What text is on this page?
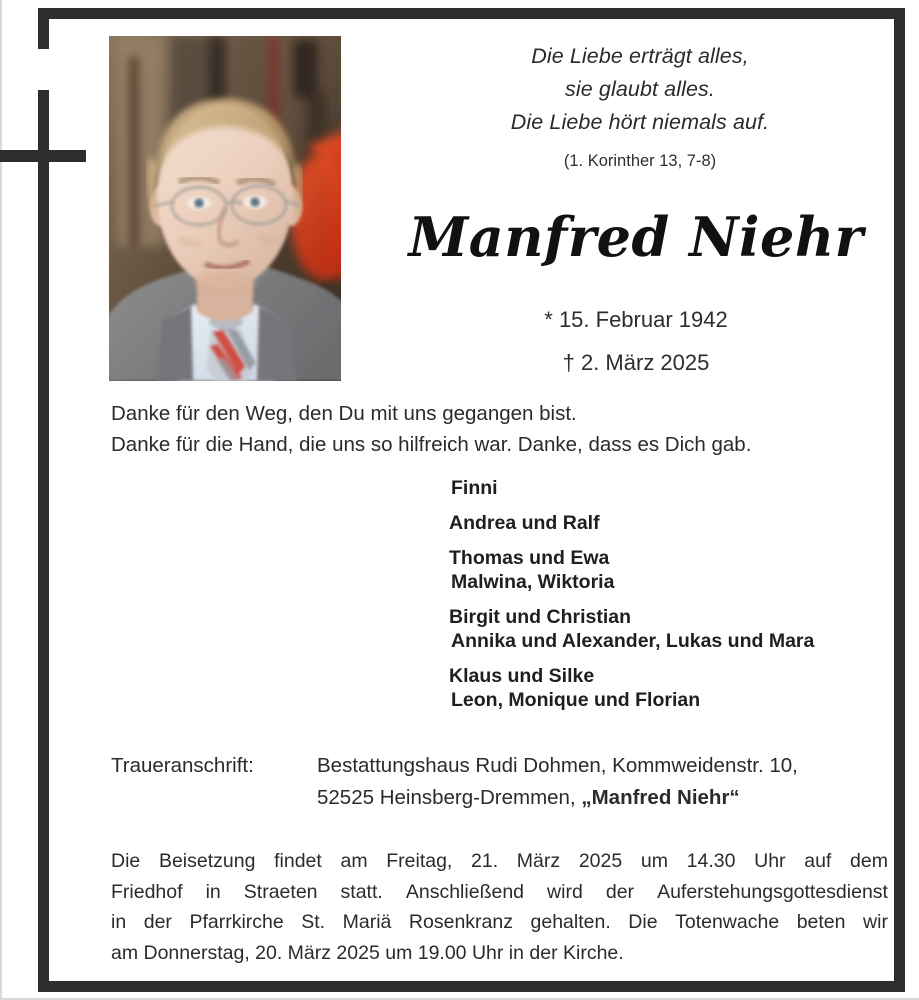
Die Liebe erträgt alles,
sie glaubt alles.
Die Liebe hört niemals auf.
(1. Korinther 13, 7-8)
Manfred Niehr
* 15. Februar 1942
† 2. März 2025
Danke für den Weg, den Du mit uns gegangen bist.
Danke für die Hand, die uns so hilfreich war. Danke, dass es Dich gab.
Finni
Andrea und Ralf
Thomas und Ewa
Malwina, Wiktoria
Birgit und Christian
Annika und Alexander, Lukas und Mara
Klaus und Silke
Leon, Monique und Florian
Traueranschrift:	Bestattungshaus Rudi Dohmen, Kommweidenstr. 10,
52525 Heinsberg-Dremmen, „Manfred Niehr“
Die Beisetzung findet am Freitag, 21. März 2025 um 14.30 Uhr auf dem
Friedhof in Straeten statt. Anschließend wird der Auferstehungsgottesdienst
in der Pfarrkirche St. Mariä Rosenkranz gehalten. Die Totenwache beten wir
am Donnerstag, 20. März 2025 um 19.00 Uhr in der Kirche.
